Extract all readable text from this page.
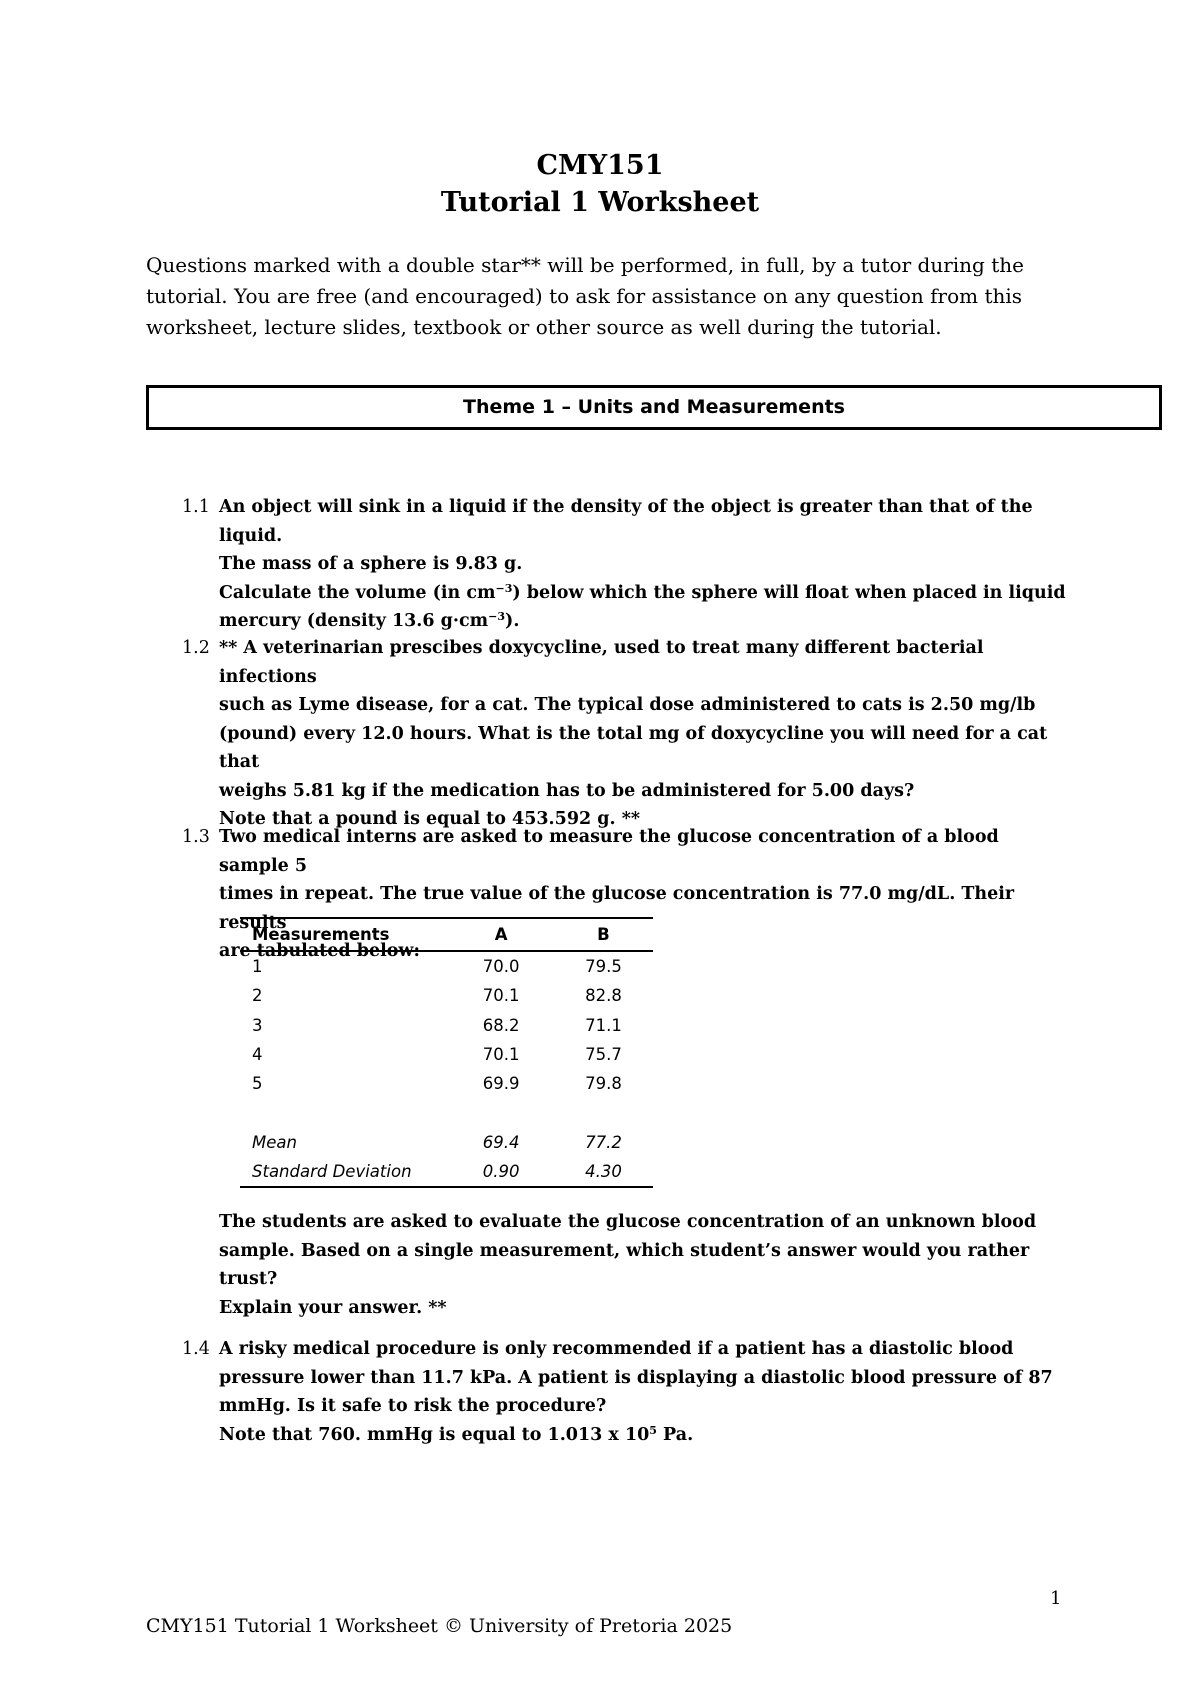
CMY151
Tutorial 1 Worksheet
Questions marked with a double star** will be performed, in full, by a tutor during the tutorial. You are free (and encouraged) to ask for assistance on any question from this worksheet, lecture slides, textbook or other source as well during the tutorial.
Theme 1 – Units and Measurements
1.1 An object will sink in a liquid if the density of the object is greater than that of the liquid.

The mass of a sphere is 9.83 g.

Calculate the volume (in $cm^{-3}$) below which the sphere will float when placed in liquid

mercury (density 13.6 $g\cdot cm^{-3}$).

1.2 ** A veterinarian prescibes doxycycline, used to treat many different bacterial infections

such as Lyme disease, for a cat. The typical dose administered to cats is 2.50 mg/lb

(pound) every 12.0 hours. What is the total mg of doxycycline you will need for a cat that

weighs 5.81 kg if the medication has to be administered for 5.00 days?

Note that a pound is equal to 453.592 g. **

1.3 Two medical interns are asked to measure the glucose concentration of a blood sample 5

times in repeat. The true value of the glucose concentration is 77.0 mg/dL. Their results

are tabulated below:

Measurements	A	B
1	70.0	79.5
2	70.1	82.8
3	68.2	71.1
4	70.1	75.7
5	69.9	79.8

Mean	69.4	77.2
Standard Deviation	0.90	4.30

The students are asked to evaluate the glucose concentration of an unknown blood

sample. Based on a single measurement, which student’s answer would you rather trust?

Explain your answer. **

1.4 A risky medical procedure is only recommended if a patient has a diastolic blood

pressure lower than 11.7 kPa. A patient is displaying a diastolic blood pressure of 87

mmHg. Is it safe to risk the procedure?

Note that 760. mmHg is equal to 1.013 x $10^5$ Pa.

1
CMY151 Tutorial 1 Worksheet © University of Pretoria 2025
